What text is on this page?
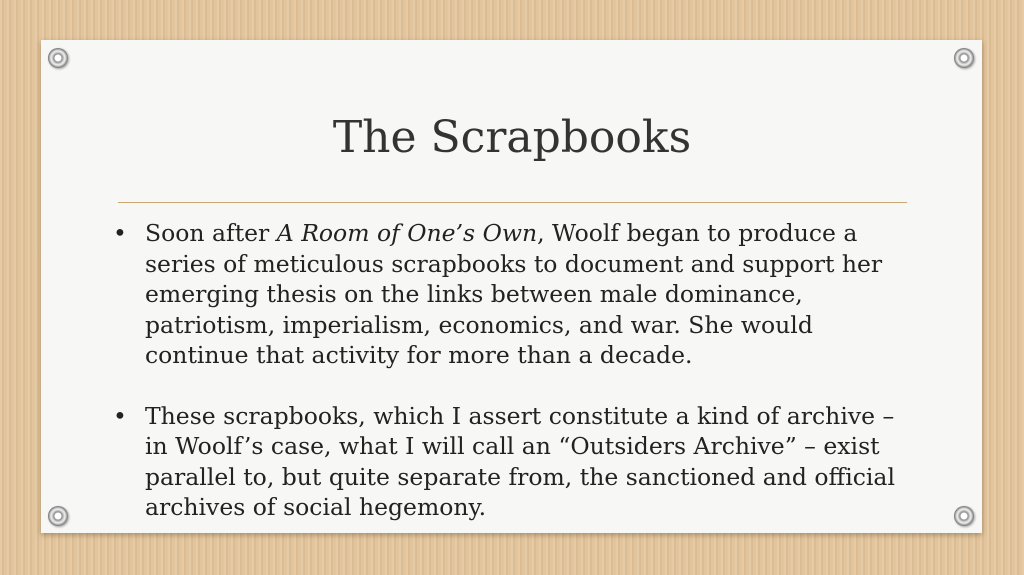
The Scrapbooks
• Soon after A Room of One’s Own, Woolf began to produce a series of meticulous scrapbooks to document and support her emerging thesis on the links between male dominance, patriotism, imperialism, economics, and war. She would continue that activity for more than a decade.
• These scrapbooks, which I assert constitute a kind of archive – in Woolf’s case, what I will call an “Outsiders Archive” – exist parallel to, but quite separate from, the sanctioned and official archives of social hegemony.
